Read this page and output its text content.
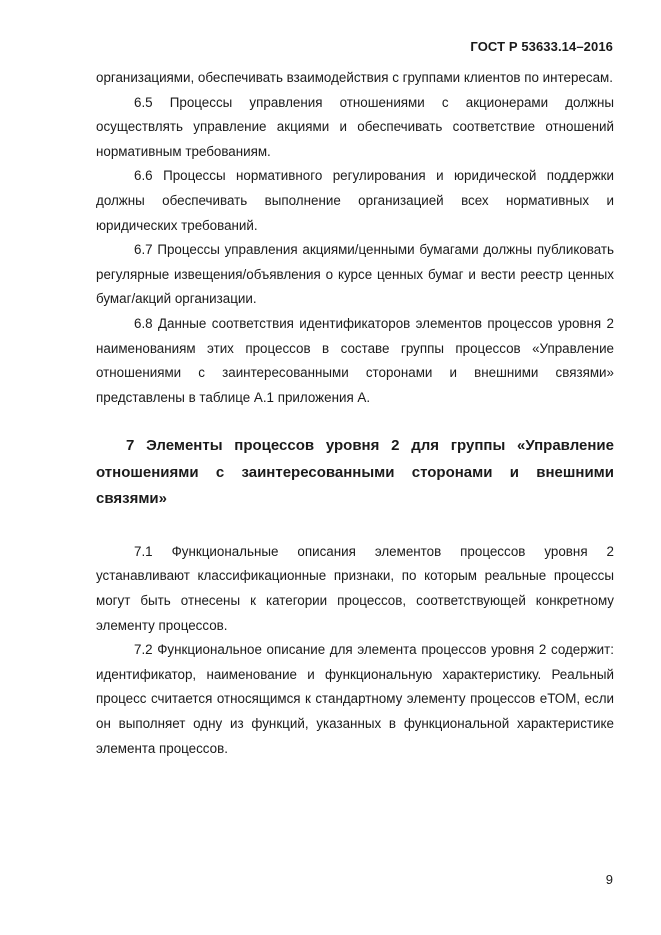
ГОСТ Р 53633.14–2016

организациями, обеспечивать взаимодействия с группами клиентов по интересам.

6.5 Процессы управления отношениями с акционерами должны осуществлять управление акциями и обеспечивать соответствие отношений нормативным требованиям.

6.6 Процессы нормативного регулирования и юридической поддержки должны обеспечивать выполнение организацией всех нормативных и юридических требований.

6.7 Процессы управления акциями/ценными бумагами должны публиковать регулярные извещения/объявления о курсе ценных бумаг и вести реестр ценных бумаг/акций организации.

6.8 Данные соответствия идентификаторов элементов процессов уровня 2 наименованиям этих процессов в составе группы процессов «Управление отношениями с заинтересованными сторонами и внешними связями» представлены в таблице А.1 приложения А.

7 Элементы процессов уровня 2 для группы «Управление отношениями с заинтересованными сторонами и внешними связями»

7.1 Функциональные описания элементов процессов уровня 2 устанавливают классификационные признаки, по которым реальные процессы могут быть отнесены к категории процессов, соответствующей конкретному элементу процессов.

7.2 Функциональное описание для элемента процессов уровня 2 содержит: идентификатор, наименование и функциональную характеристику. Реальный процесс считается относящимся к стандартному элементу процессов еТОМ, если он выполняет одну из функций, указанных в функциональной характеристике элемента процессов.

9
